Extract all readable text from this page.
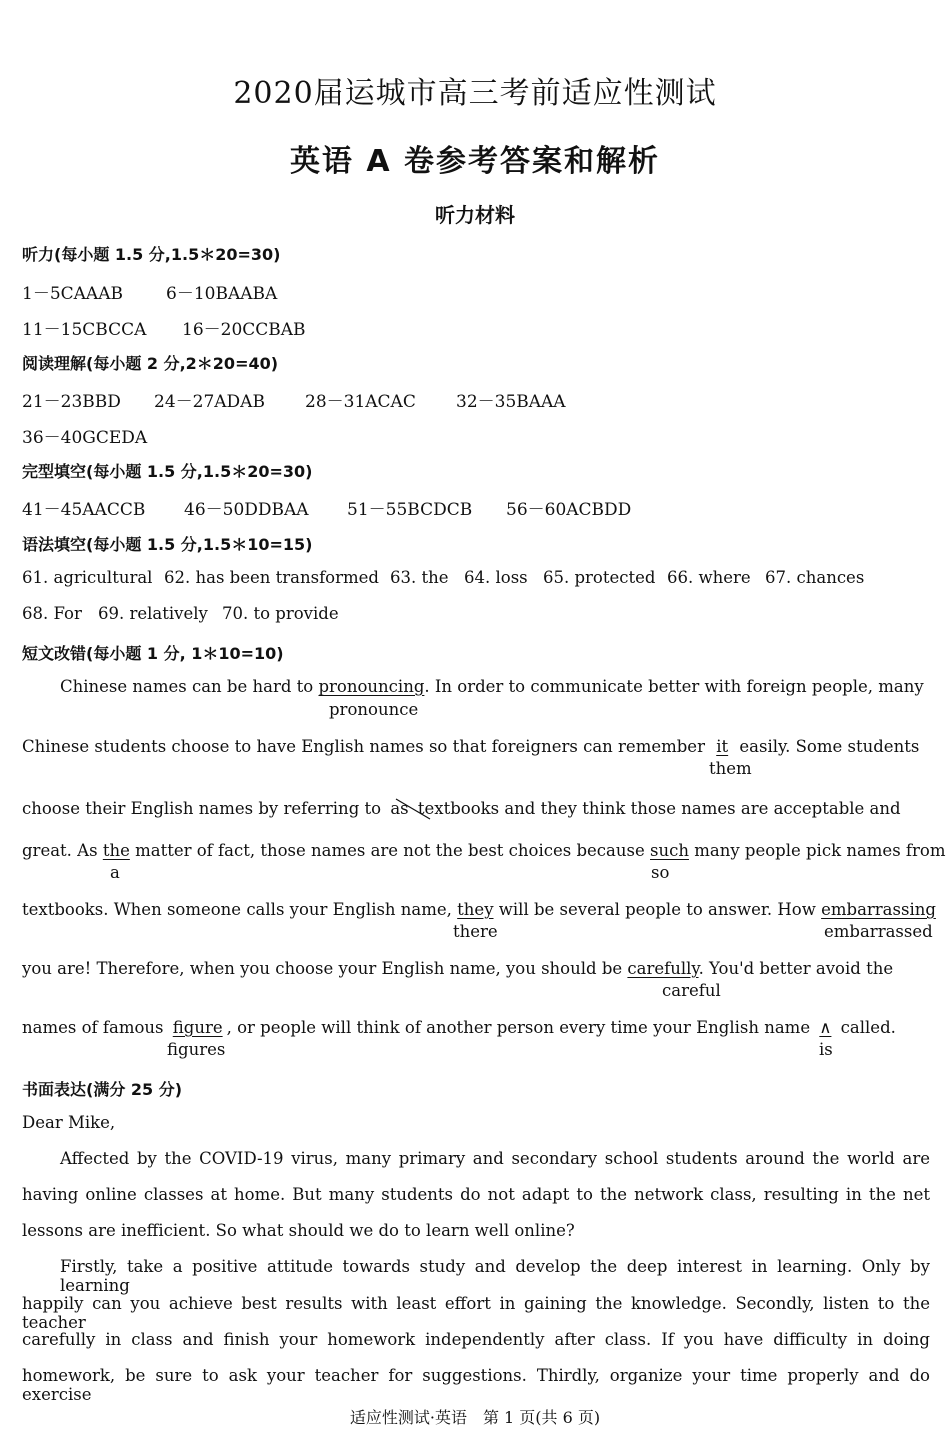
2020届运城市高三考前适应性测试
英语 A 卷参考答案和解析
听力材料
听力(每小题 1.5 分,1.5＊20=30)
1－5CAAAB	6－10BAABA
11－15CBCCA 16－20CCBAB
阅读理解(每小题 2 分,2＊20=40)
21－23BBD 24－27ADAB 28－31ACAC 32－35BAAA
36－40GCEDA
完型填空(每小题 1.5 分,1.5＊20=30)
41－45AACCB 46－50DDBAA 51－55BCDCB 56－60ACBDD
语法填空(每小题 1.5 分,1.5＊10=15)
61. agricultural 62. has been transformed 63. the 64. loss 65. protected 66. where 67. chances
68. For 69. relatively 70. to provide
短文改错(每小题 1 分, 1＊10=10)
Chinese names can be hard to pronouncing. In order to communicate better with foreign people, many
pronounce
Chinese students choose to have English names so that foreigners can remember it easily. Some students
them
choose their English names by referring to as textbooks and they think those names are acceptable and
great. As the matter of fact, those names are not the best choices because such many people pick names from
a	so
textbooks. When someone calls your English name, they will be several people to answer. How embarrassing
there	embarrassed
you are! Therefore, when you choose your English name, you should be carefully. You'd better avoid the
careful
names of famous figure , or people will think of another person every time your English name ∧ called.
figures	is
书面表达(满分 25 分)
Dear Mike,
Affected by the COVID-19 virus, many primary and secondary school students around the world are
having online classes at home. But many students do not adapt to the network class, resulting in the net
lessons are inefficient. So what should we do to learn well online?
Firstly, take a positive attitude towards study and develop the deep interest in learning. Only by learning
happily can you achieve best results with least effort in gaining the knowledge. Secondly, listen to the teacher
carefully in class and finish your homework independently after class. If you have difficulty in doing
homework, be sure to ask your teacher for suggestions. Thirdly, organize your time properly and do exercise
适应性测试·英语　第 1 页(共 6 页)
